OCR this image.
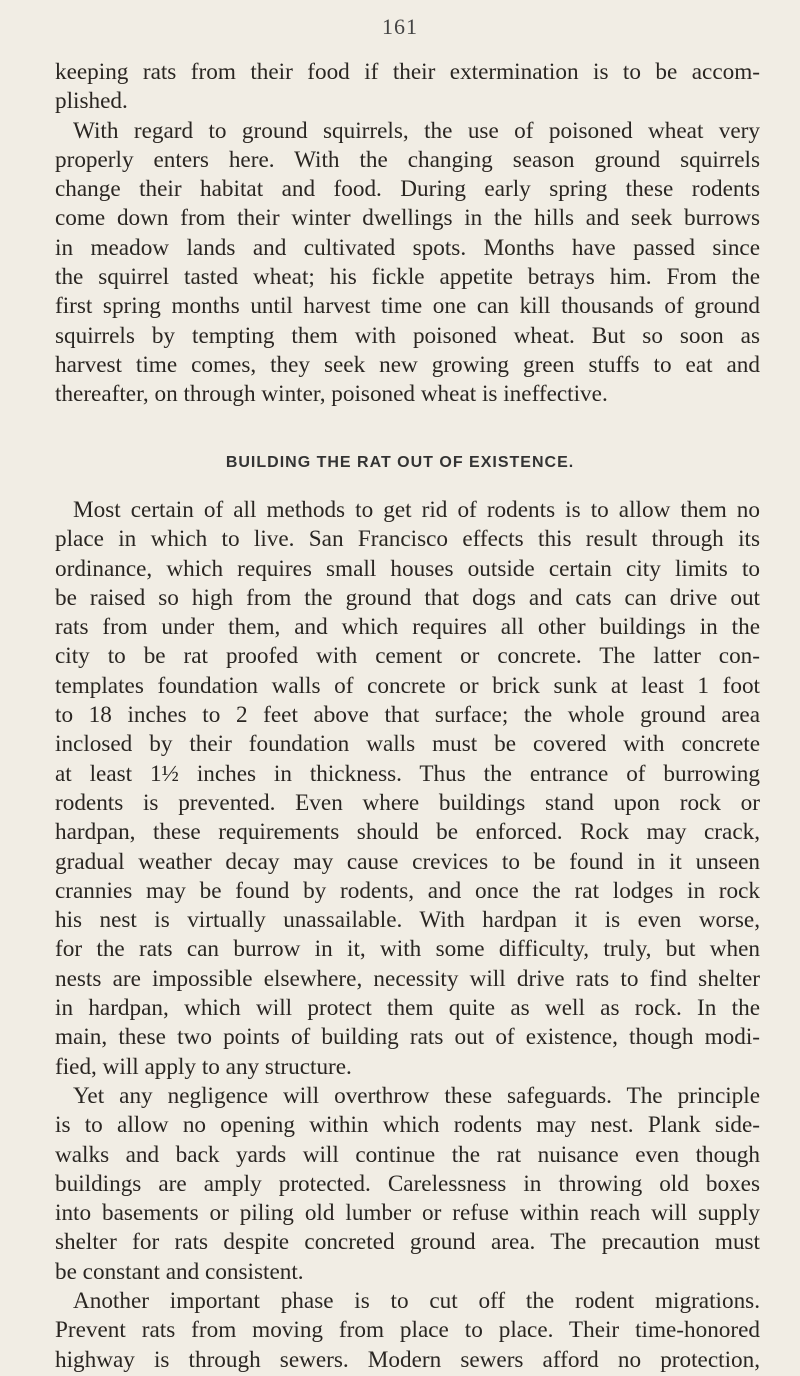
161
keeping rats from their food if their extermination is to be accom-
plished.
With regard to ground squirrels, the use of poisoned wheat very
properly enters here. With the changing season ground squirrels
change their habitat and food. During early spring these rodents
come down from their winter dwellings in the hills and seek burrows
in meadow lands and cultivated spots. Months have passed since
the squirrel tasted wheat; his fickle appetite betrays him. From the
first spring months until harvest time one can kill thousands of ground
squirrels by tempting them with poisoned wheat. But so soon as
harvest time comes, they seek new growing green stuffs to eat and
thereafter, on through winter, poisoned wheat is ineffective.
BUILDING THE RAT OUT OF EXISTENCE.
Most certain of all methods to get rid of rodents is to allow them no
place in which to live. San Francisco effects this result through its
ordinance, which requires small houses outside certain city limits to
be raised so high from the ground that dogs and cats can drive out
rats from under them, and which requires all other buildings in the
city to be rat proofed with cement or concrete. The latter con-
templates foundation walls of concrete or brick sunk at least 1 foot
to 18 inches to 2 feet above that surface; the whole ground area
inclosed by their foundation walls must be covered with concrete
at least 1½ inches in thickness. Thus the entrance of burrowing
rodents is prevented. Even where buildings stand upon rock or
hardpan, these requirements should be enforced. Rock may crack,
gradual weather decay may cause crevices to be found in it unseen
crannies may be found by rodents, and once the rat lodges in rock
his nest is virtually unassailable. With hardpan it is even worse,
for the rats can burrow in it, with some difficulty, truly, but when
nests are impossible elsewhere, necessity will drive rats to find shelter
in hardpan, which will protect them quite as well as rock. In the
main, these two points of building rats out of existence, though modi-
fied, will apply to any structure.
Yet any negligence will overthrow these safeguards. The principle
is to allow no opening within which rodents may nest. Plank side-
walks and back yards will continue the rat nuisance even though
buildings are amply protected. Carelessness in throwing old boxes
into basements or piling old lumber or refuse within reach will supply
shelter for rats despite concreted ground area. The precaution must
be constant and consistent.
Another important phase is to cut off the rodent migrations.
Prevent rats from moving from place to place. Their time-honored
highway is through sewers. Modern sewers afford no protection,
